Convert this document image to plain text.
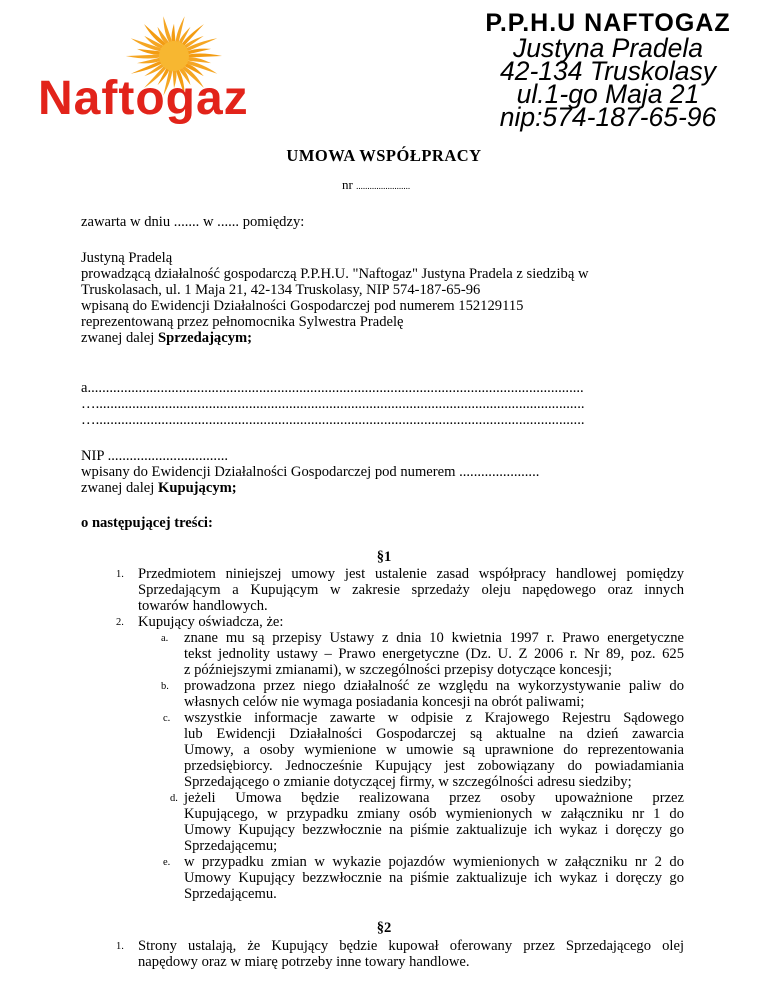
Naftogaz
P.P.H.U NAFTOGAZ
Justyna Pradela
42-134 Truskolasy
ul.1-go Maja 21
nip:574-187-65-96
UMOWA WSPÓŁPRACY
nr ........................
zawarta w dniu ....... w ...... pomiędzy:
Justyną Pradelą
prowadzącą działalność gospodarczą P.P.H.U. "Naftogaz" Justyna Pradela z siedzibą w
Truskolasach, ul. 1 Maja 21, 42-134 Truskolasy, NIP 574-187-65-96
wpisaną do Ewidencji Działalności Gospodarczej pod numerem 152129115
reprezentowaną przez pełnomocnika Sylwestra Pradelę
zwanej dalej Sprzedającym;
a........................................................................................................................................
…......................................................................................................................................
…......................................................................................................................................
NIP .................................
wpisany do Ewidencji Działalności Gospodarczej pod numerem ......................
zwanej dalej Kupującym;
o następującej treści:
§1
1. Przedmiotem niniejszej umowy jest ustalenie zasad współpracy handlowej pomiędzy
Sprzedającym a Kupującym w zakresie sprzedaży oleju napędowego oraz innych
towarów handlowych.
2. Kupujący oświadcza, że:
a. znane mu są przepisy Ustawy z dnia 10 kwietnia 1997 r. Prawo energetyczne
tekst jednolity ustawy – Prawo energetyczne (Dz. U. Z 2006 r. Nr 89, poz. 625
z późniejszymi zmianami), w szczególności przepisy dotyczące koncesji;
b. prowadzona przez niego działalność ze względu na wykorzystywanie paliw do
własnych celów nie wymaga posiadania koncesji na obrót paliwami;
c. wszystkie informacje zawarte w odpisie z Krajowego Rejestru Sądowego
lub Ewidencji Działalności Gospodarczej są aktualne na dzień zawarcia
Umowy, a osoby wymienione w umowie są uprawnione do reprezentowania
przedsiębiorcy. Jednocześnie Kupujący jest zobowiązany do powiadamiania
Sprzedającego o zmianie dotyczącej firmy, w szczególności adresu siedziby;
d. jeżeli Umowa będzie realizowana przez osoby upoważnione przez
Kupującego, w przypadku zmiany osób wymienionych w załączniku nr 1 do
Umowy Kupujący bezzwłocznie na piśmie zaktualizuje ich wykaz i doręczy go
Sprzedającemu;
e. w przypadku zmian w wykazie pojazdów wymienionych w załączniku nr 2 do
Umowy Kupujący bezzwłocznie na piśmie zaktualizuje ich wykaz i doręczy go
Sprzedającemu.
§2
1. Strony ustalają, że Kupujący będzie kupował oferowany przez Sprzedającego olej
napędowy oraz w miarę potrzeby inne towary handlowe.
